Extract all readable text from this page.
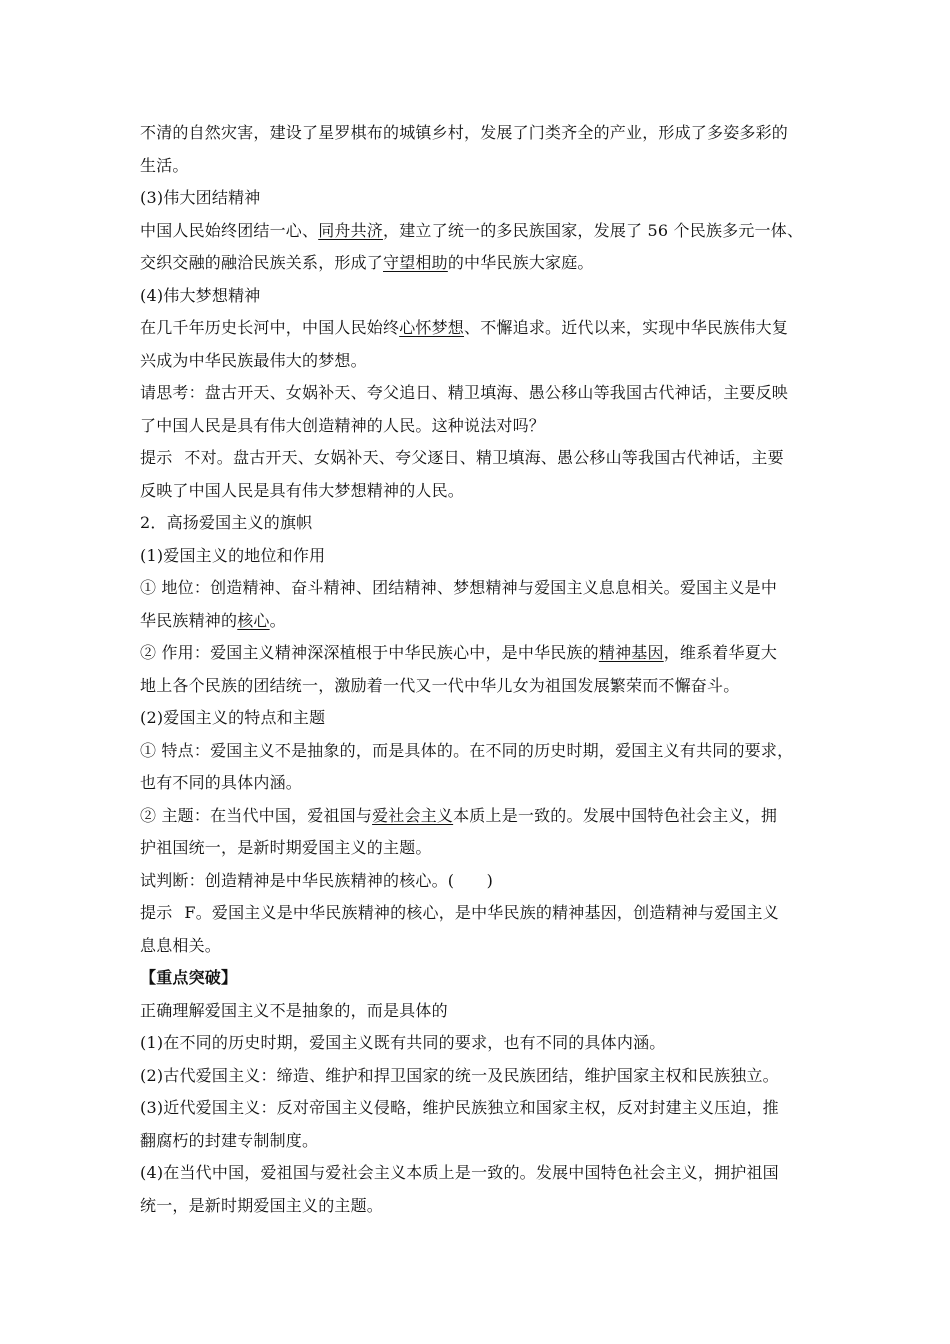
不清的自然灾害，建设了星罗棋布的城镇乡村，发展了门类齐全的产业，形成了多姿多彩的
生活。
(3)伟大团结精神
中国人民始终团结一心、同舟共济，建立了统一的多民族国家，发展了 56 个民族多元一体、
交织交融的融洽民族关系，形成了守望相助的中华民族大家庭。
(4)伟大梦想精神
在几千年历史长河中，中国人民始终心怀梦想、不懈追求。近代以来，实现中华民族伟大复
兴成为中华民族最伟大的梦想。
请思考：盘古开天、女娲补天、夸父追日、精卫填海、愚公移山等我国古代神话，主要反映
了中国人民是具有伟大创造精神的人民。这种说法对吗？
提示 不对。盘古开天、女娲补天、夸父逐日、精卫填海、愚公移山等我国古代神话，主要
反映了中国人民是具有伟大梦想精神的人民。
2．高扬爱国主义的旗帜
(1)爱国主义的地位和作用
① 地位：创造精神、奋斗精神、团结精神、梦想精神与爱国主义息息相关。爱国主义是中
华民族精神的核心。
② 作用：爱国主义精神深深植根于中华民族心中，是中华民族的精神基因，维系着华夏大
地上各个民族的团结统一，激励着一代又一代中华儿女为祖国发展繁荣而不懈奋斗。
(2)爱国主义的特点和主题
① 特点：爱国主义不是抽象的，而是具体的。在不同的历史时期，爱国主义有共同的要求，
也有不同的具体内涵。
② 主题：在当代中国，爱祖国与爱社会主义本质上是一致的。发展中国特色社会主义，拥
护祖国统一，是新时期爱国主义的主题。
试判断：创造精神是中华民族精神的核心。(　　)
提示 F。爱国主义是中华民族精神的核心，是中华民族的精神基因，创造精神与爱国主义
息息相关。
【重点突破】
正确理解爱国主义不是抽象的，而是具体的
(1)在不同的历史时期，爱国主义既有共同的要求，也有不同的具体内涵。
(2)古代爱国主义：缔造、维护和捍卫国家的统一及民族团结，维护国家主权和民族独立。
(3)近代爱国主义：反对帝国主义侵略，维护民族独立和国家主权，反对封建主义压迫，推
翻腐朽的封建专制制度。
(4)在当代中国，爱祖国与爱社会主义本质上是一致的。发展中国特色社会主义，拥护祖国
统一，是新时期爱国主义的主题。
